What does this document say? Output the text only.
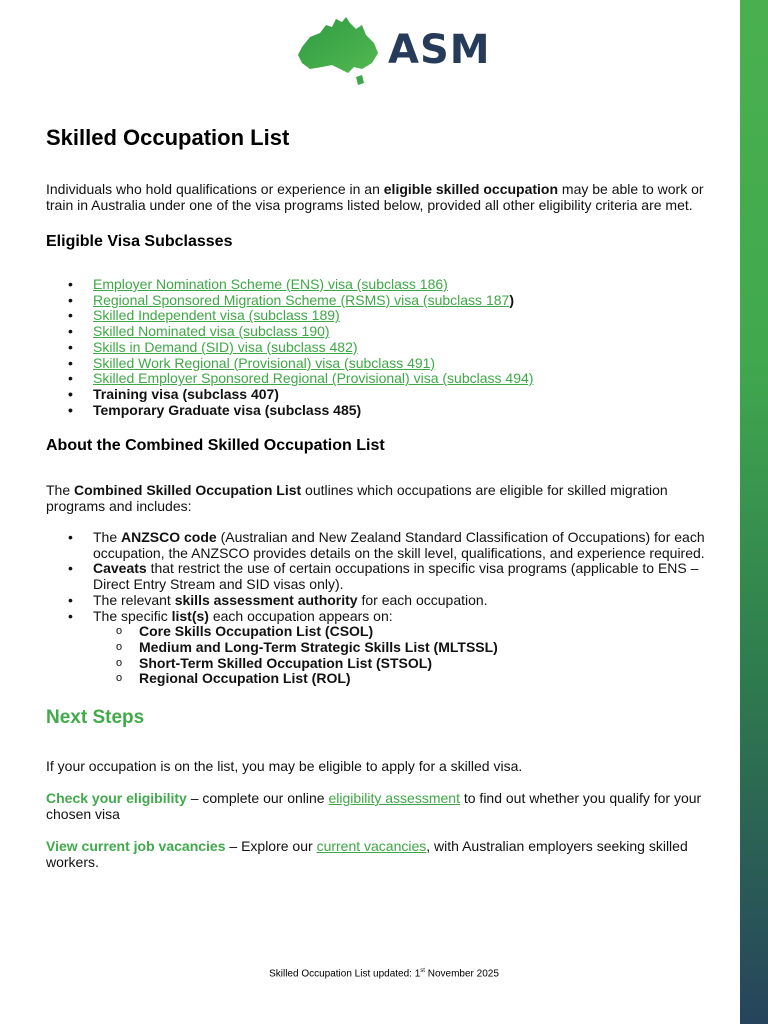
ASM
Skilled Occupation List

Individuals who hold qualifications or experience in an eligible skilled occupation may be able to work or train in Australia under one of the visa programs listed below, provided all other eligibility criteria are met.

Eligible Visa Subclasses
• Employer Nomination Scheme (ENS) visa (subclass 186)
• Regional Sponsored Migration Scheme (RSMS) visa (subclass 187)
• Skilled Independent visa (subclass 189)
• Skilled Nominated visa (subclass 190)
• Skills in Demand (SID) visa (subclass 482)
• Skilled Work Regional (Provisional) visa (subclass 491)
• Skilled Employer Sponsored Regional (Provisional) visa (subclass 494)
• Training visa (subclass 407)
• Temporary Graduate visa (subclass 485)
About the Combined Skilled Occupation List

The Combined Skilled Occupation List outlines which occupations are eligible for skilled migration programs and includes:

• The ANZSCO code (Australian and New Zealand Standard Classification of Occupations) for each occupation, the ANZSCO provides details on the skill level, qualifications, and experience required.
• Caveats that restrict the use of certain occupations in specific visa programs (applicable to ENS – Direct Entry Stream and SID visas only).
• The relevant skills assessment authority for each occupation.
• The specific list(s) each occupation appears on:
o Core Skills Occupation List (CSOL)
o Medium and Long-Term Strategic Skills List (MLTSSL)
o Short-Term Skilled Occupation List (STSOL)
o Regional Occupation List (ROL)
Next Steps

If your occupation is on the list, you may be eligible to apply for a skilled visa.

Check your eligibility – complete our online eligibility assessment to find out whether you qualify for your chosen visa

View current job vacancies – Explore our current vacancies, with Australian employers seeking skilled workers.

Skilled Occupation List updated: 1st November 2025
